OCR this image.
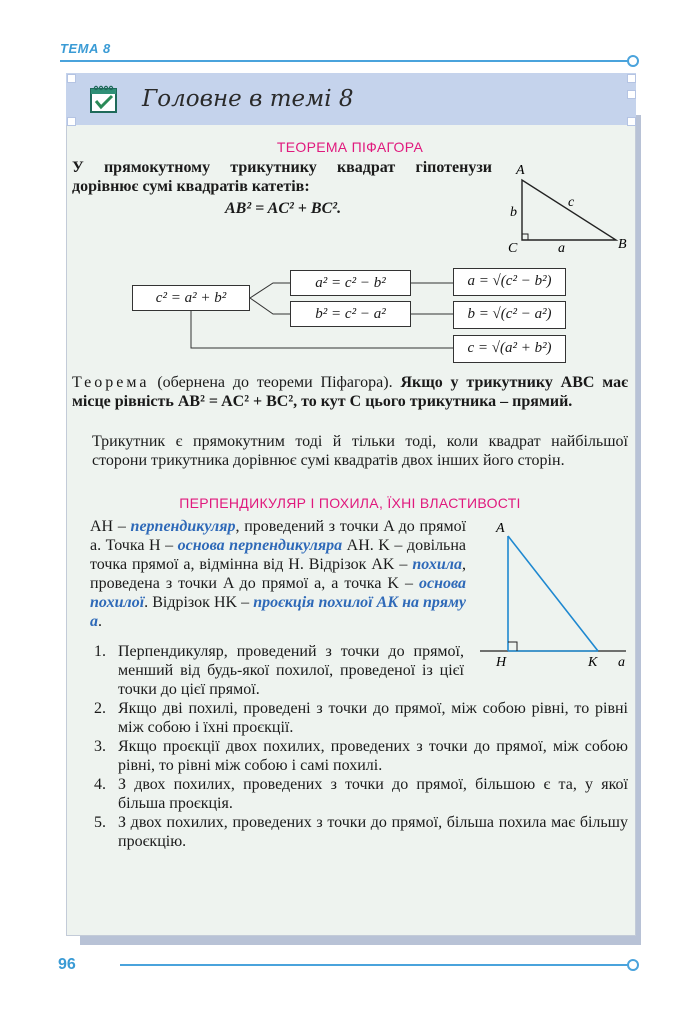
ТЕМА 8
Головне в темі 8
ТЕОРЕМА ПІФАГОРА
У прямокутному трикутнику квадрат гіпотенузи дорівнює сумі квадратів катетів:
AB² = AC² + BC².
A
B
C
b
c
a
c² = a² + b²
a² = c² − b²
b² = c² − a²
a = √(c² − b²)
b = √(c² − a²)
c = √(a² + b²)
Теорема (обернена до теореми Піфагора). Якщо у трикутнику ABC має місце рівність AB² = AC² + BC², то кут C цього трикутника – прямий.
Трикутник є прямокутним тоді й тільки тоді, коли квадрат найбільшої сторони трикутника дорівнює сумі квадратів двох інших його сторін.
ПЕРПЕНДИКУЛЯР І ПОХИЛА, ЇХНІ ВЛАСТИВОСТІ
AH – перпендикуляр, проведений з точки A до прямої a. Точка H – основа перпендикуляра AH. K – довільна точка прямої a, відмінна від H. Відрізок AK – похила, проведена з точки A до прямої a, а точка K – основа похилої. Відрізок HK – проєкція похилої AK на пряму a.
A
H	K a
1. Перпендикуляр, проведений з точки до прямої, менший від будь-якої похилої, проведеної із цієї точки до цієї прямої.
2. Якщо дві похилі, проведені з точки до прямої, між собою рівні, то рівні між собою і їхні проєкції.
3. Якщо проєкції двох похилих, проведених з точки до прямої, між собою рівні, то рівні між собою і самі похилі.
4. З двох похилих, проведених з точки до прямої, більшою є та, у якої більша проєкція.
5. З двох похилих, проведених з точки до прямої, більша похила має більшу проєкцію.
96
